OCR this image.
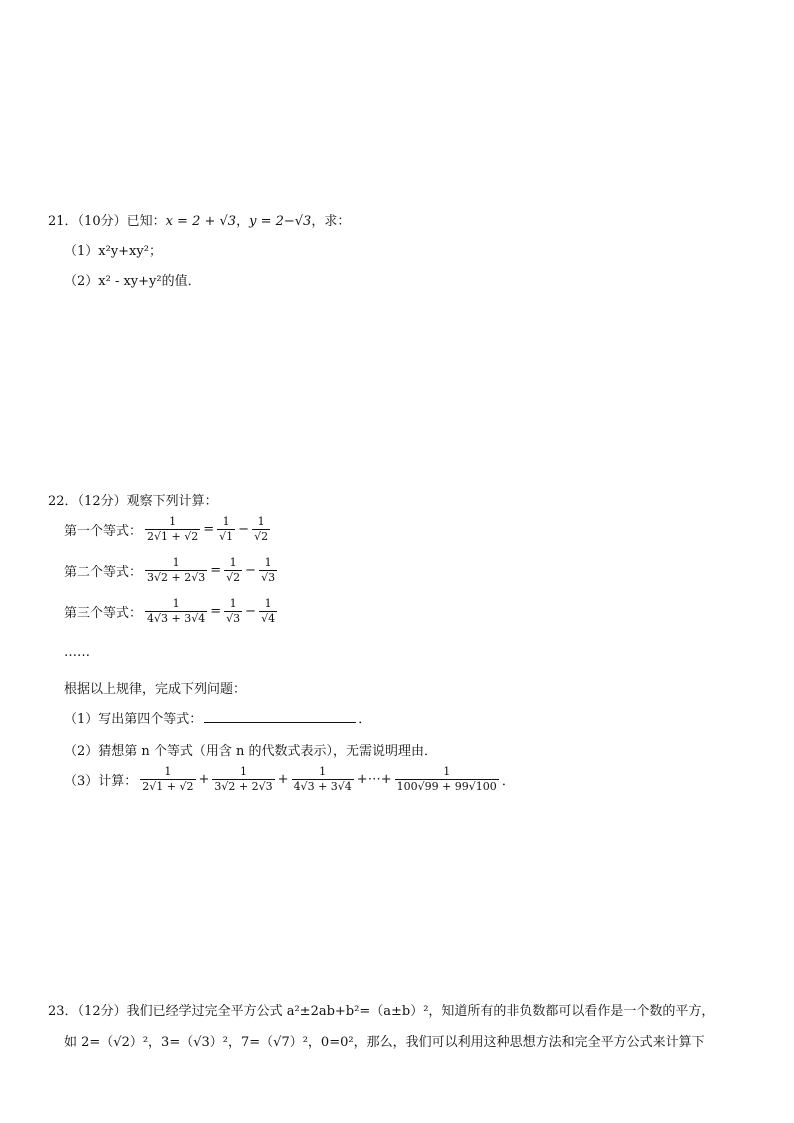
21．（10分）已知：x = 2 + √3，y = 2−√3，求：
（1）x²y+xy²；
（2）x² - xy+y²的值．
22．（12分）观察下列计算：
第一个等式： $\frac{1}{2√1 + √2} = \frac{1}{√1} - \frac{1}{√2}$
第二个等式： $\frac{1}{3√2 + 2√3} = \frac{1}{√2} - \frac{1}{√3}$
第三个等式： $\frac{1}{4√3 + 3√4} = \frac{1}{√3} - \frac{1}{√4}$
……
根据以上规律，完成下列问题：
（1）写出第四个等式：	．
（2）猜想第 n 个等式（用含 n 的代数式表示），无需说明理由．
（3）计算： $\frac{1}{2√1 + √2} + \frac{1}{3√2 + 2√3} + \frac{1}{4√3 + 3√4}$ +⋯+ $\frac{1}{100√99 + 99√100}$ ．
23．（12分）我们已经学过完全平方公式 a²±2ab+b²=（a±b）²，知道所有的非负数都可以看作是一个数的平方，
如 2=（√2）²，3=（√3）²，7=（√7）²，0=0²，那么，我们可以利用这种思想方法和完全平方公式来计算下
